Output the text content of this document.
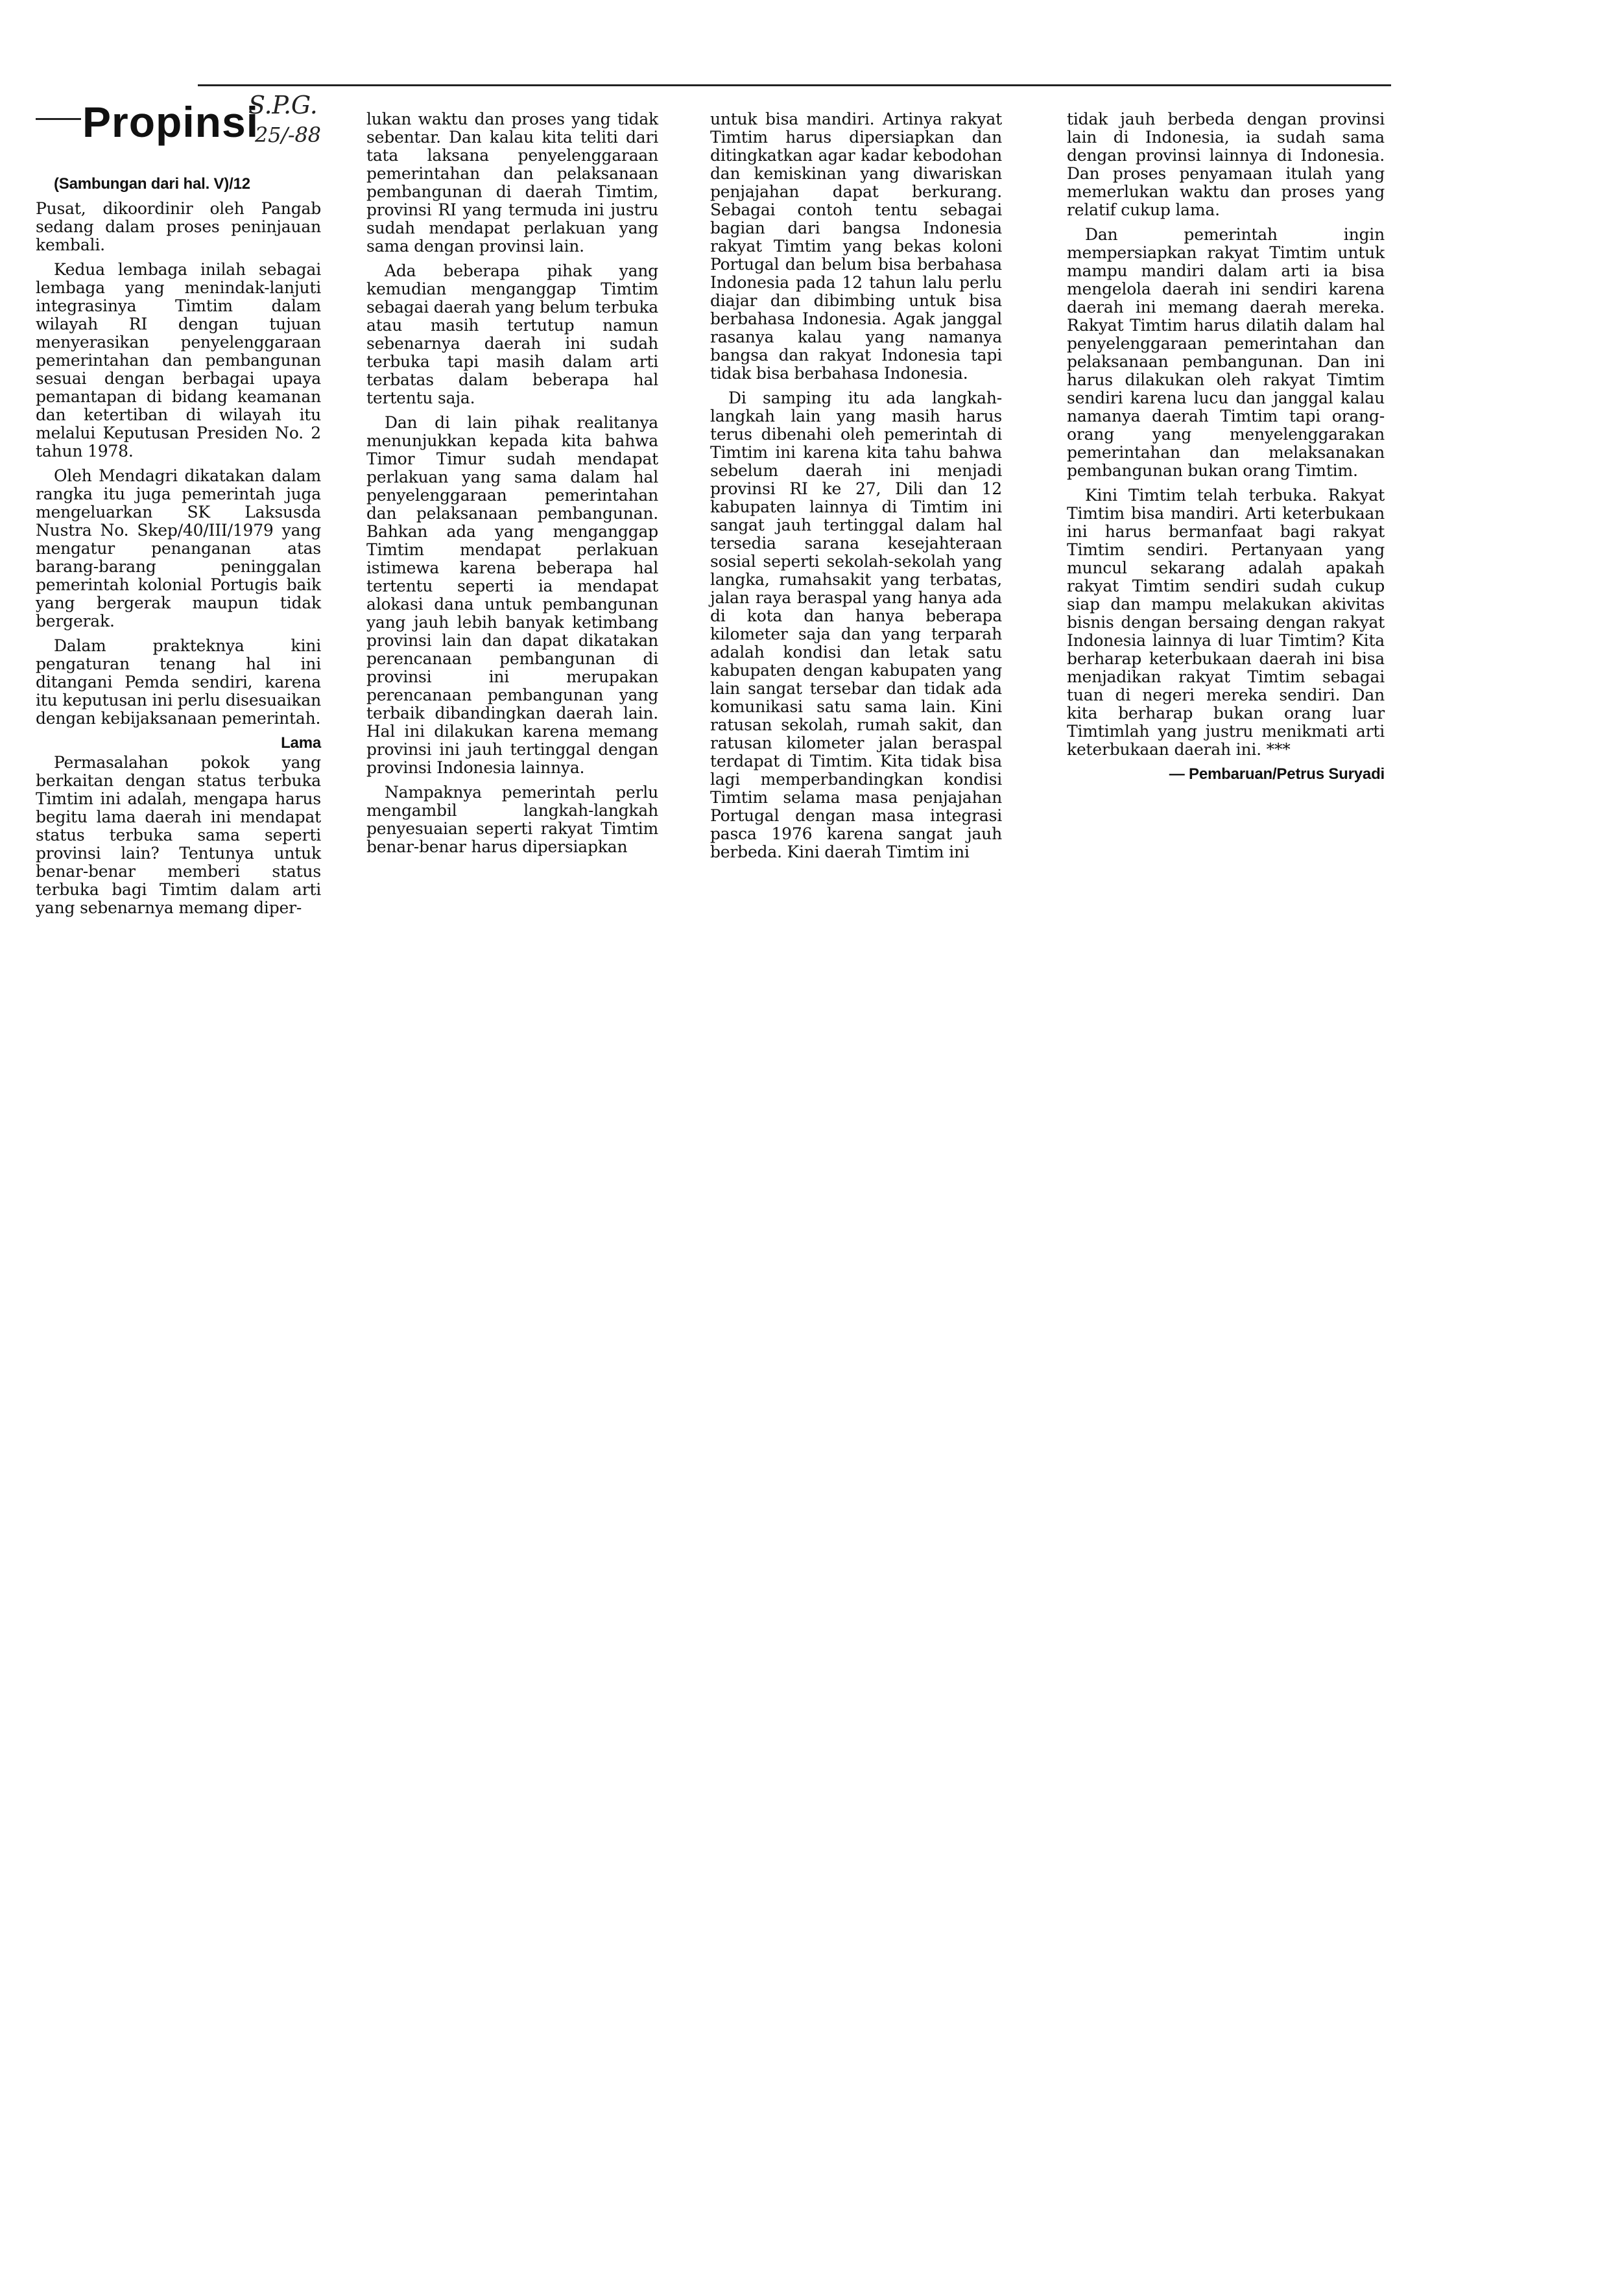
Propinsi
S.P.G.
25/-88

(Sambungan dari hal. V)/12

Pusat, dikoordinir oleh Pangab sedang dalam proses peninjauan kembali.

Kedua lembaga inilah sebagai lembaga yang menindak-lanjuti integrasinya Timtim dalam wilayah RI dengan tujuan menyerasikan penyelenggaraan pemerintahan dan pembangunan sesuai dengan berbagai upaya pemantapan di bidang keamanan dan ketertiban di wilayah itu melalui Keputusan Presiden No. 2 tahun 1978.

Oleh Mendagri dikatakan dalam rangka itu juga pemerintah juga mengeluarkan SK Laksusda Nustra No. Skep/40/III/1979 yang mengatur penanganan atas barang-barang peninggalan pemerintah kolonial Portugis baik yang bergerak maupun tidak bergerak.

Dalam prakteknya kini pengaturan tenang hal ini ditangani Pemda sendiri, karena itu keputusan ini perlu disesuaikan dengan kebijaksanaan pemerintah.

Lama

Permasalahan pokok yang berkaitan dengan status terbuka Timtim ini adalah, mengapa harus begitu lama daerah ini mendapat status terbuka sama seperti provinsi lain? Tentunya untuk benar-benar memberi status terbuka bagi Timtim dalam arti yang sebenarnya memang diper-

lukan waktu dan proses yang tidak sebentar. Dan kalau kita teliti dari tata laksana penyelenggaraan pemerintahan dan pelaksanaan pembangunan di daerah Timtim, provinsi RI yang termuda ini justru sudah mendapat perlakuan yang sama dengan provinsi lain.

Ada beberapa pihak yang kemudian menganggap Timtim sebagai daerah yang belum terbuka atau masih tertutup namun sebenarnya daerah ini sudah terbuka tapi masih dalam arti terbatas dalam beberapa hal tertentu saja.

Dan di lain pihak realitanya menunjukkan kepada kita bahwa Timor Timur sudah mendapat perlakuan yang sama dalam hal penyelenggaraan pemerintahan dan pelaksanaan pembangunan. Bahkan ada yang menganggap Timtim mendapat perlakuan istimewa karena beberapa hal tertentu seperti ia mendapat alokasi dana untuk pembangunan yang jauh lebih banyak ketimbang provinsi lain dan dapat dikatakan perencanaan pembangunan di provinsi ini merupakan perencanaan pembangunan yang terbaik dibandingkan daerah lain. Hal ini dilakukan karena memang provinsi ini jauh tertinggal dengan provinsi Indonesia lainnya.

Nampaknya pemerintah perlu mengambil langkah-langkah penyesuaian seperti rakyat Timtim benar-benar harus dipersiapkan

untuk bisa mandiri. Artinya rakyat Timtim harus dipersiapkan dan ditingkatkan agar kadar kebodohan dan kemiskinan yang diwariskan penjajahan dapat berkurang. Sebagai contoh tentu sebagai bagian dari bangsa Indonesia rakyat Timtim yang bekas koloni Portugal dan belum bisa berbahasa Indonesia pada 12 tahun lalu perlu diajar dan dibimbing untuk bisa berbahasa Indonesia. Agak janggal rasanya kalau yang namanya bangsa dan rakyat Indonesia tapi tidak bisa berbahasa Indonesia.

Di samping itu ada langkah-langkah lain yang masih harus terus dibenahi oleh pemerintah di Timtim ini karena kita tahu bahwa sebelum daerah ini menjadi provinsi RI ke 27, Dili dan 12 kabupaten lainnya di Timtim ini sangat jauh tertinggal dalam hal tersedia sarana kesejahteraan sosial seperti sekolah-sekolah yang langka, rumahsakit yang terbatas, jalan raya beraspal yang hanya ada di kota dan hanya beberapa kilometer saja dan yang terparah adalah kondisi dan letak satu kabupaten dengan kabupaten yang lain sangat tersebar dan tidak ada komunikasi satu sama lain. Kini ratusan sekolah, rumah sakit, dan ratusan kilometer jalan beraspal terdapat di Timtim. Kita tidak bisa lagi memperbandingkan kondisi Timtim selama masa penjajahan Portugal dengan masa integrasi pasca 1976 karena sangat jauh berbeda. Kini daerah Timtim ini

tidak jauh berbeda dengan provinsi lain di Indonesia, ia sudah sama dengan provinsi lainnya di Indonesia. Dan proses penyamaan itulah yang memerlukan waktu dan proses yang relatif cukup lama.

Dan pemerintah ingin mempersiapkan rakyat Timtim untuk mampu mandiri dalam arti ia bisa mengelola daerah ini sendiri karena daerah ini memang daerah mereka. Rakyat Timtim harus dilatih dalam hal penyelenggaraan pemerintahan dan pelaksanaan pembangunan. Dan ini harus dilakukan oleh rakyat Timtim sendiri karena lucu dan janggal kalau namanya daerah Timtim tapi orang-orang yang menyelenggarakan pemerintahan dan melaksanakan pembangunan bukan orang Timtim.

Kini Timtim telah terbuka. Rakyat Timtim bisa mandiri. Arti keterbukaan ini harus bermanfaat bagi rakyat Timtim sendiri. Pertanyaan yang muncul sekarang adalah apakah rakyat Timtim sendiri sudah cukup siap dan mampu melakukan akivitas bisnis dengan bersaing dengan rakyat Indonesia lainnya di luar Timtim? Kita berharap keterbukaan daerah ini bisa menjadikan rakyat Timtim sebagai tuan di negeri mereka sendiri. Dan kita berharap bukan orang luar Timtimlah yang justru menikmati arti keterbukaan daerah ini. ***

— Pembaruan/Petrus Suryadi
